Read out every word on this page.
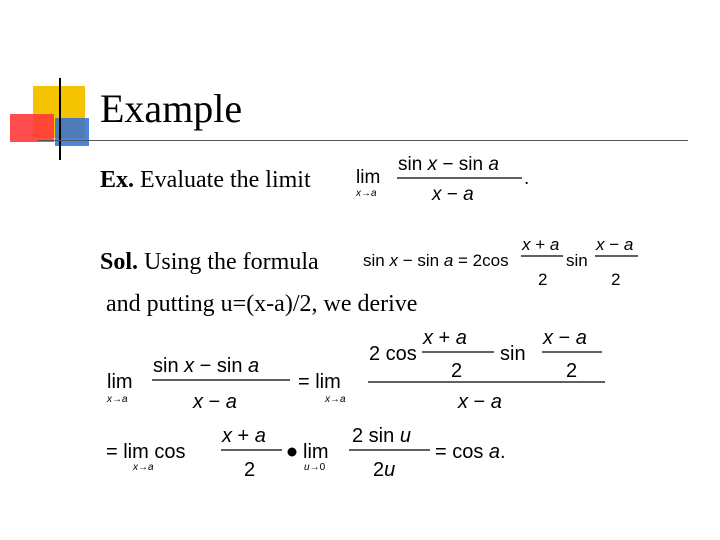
Example
Ex. Evaluate the limit
Sol. Using the formula
and putting u=(x-a)/2, we derive
lim
x→a
sin x − sin a
x − a
.
sin x − sin a = 2cos
x + a
2
sin
x − a
2
lim
x→a
sin x − sin a
x − a
= lim
x→a
2 cos
x + a
2
sin
x − a
2
x − a
= lim cos
x→a
x + a
2
lim
u→0
2 sin u
2u
= cos a.
